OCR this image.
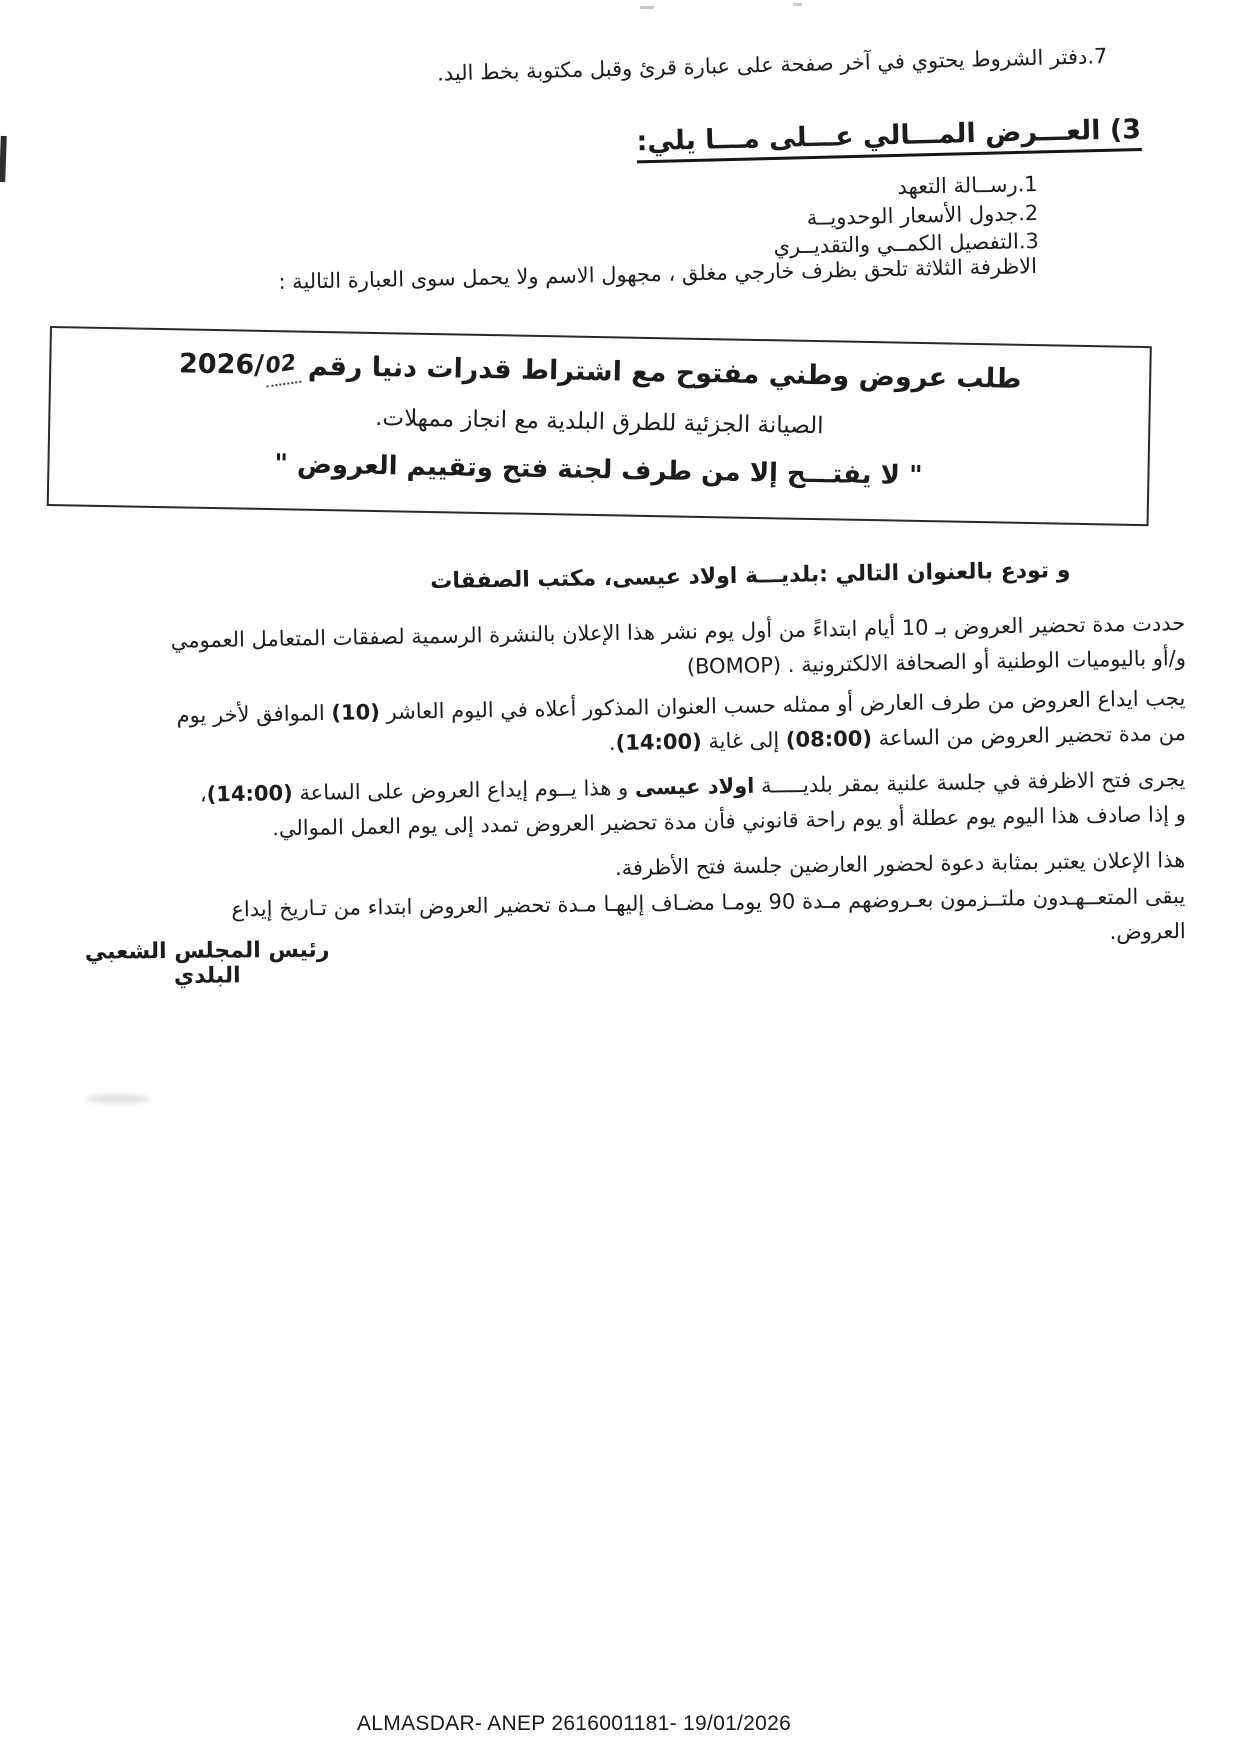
7.دفتر الشروط يحتوي في آخر صفحة على عبارة قرئ وقبل مكتوبة بخط اليد.
3) العـــرض المـــالي عـــلى مـــا يلي:
1.رســالة التعهد
2.جدول الأسعار الوحدويــة
3.التفصيل الكمــي والتقديــري
الاظرفة الثلاثة تلحق بظرف خارجي مغلق ، مجهول الاسم ولا يحمل سوى العبارة التالية :
طلب عروض وطني مفتوح مع اشتراط قدرات دنيا رقم 2026/02
الصيانة الجزئية للطرق البلدية مع انجاز ممهلات.
" لا يفتـــح إلا من طرف لجنة فتح وتقييم العروض "
و تودع بالعنوان التالي :بلديـــة اولاد عيسى، مكتب الصفقات
حددت مدة تحضير العروض بـ 10 أيام ابتداءً من أول يوم نشر هذا الإعلان بالنشرة الرسمية لصفقات المتعامل العمومي
و/أو باليوميات الوطنية أو الصحافة الالكترونية . (BOMOP)
يجب ايداع العروض من طرف العارض أو ممثله حسب العنوان المذكور أعلاه في اليوم العاشر (10) الموافق لأخر يوم
من مدة تحضير العروض من الساعة (08:00) إلى غاية (14:00).
يجرى فتح الاظرفة في جلسة علنية بمقر بلديـــــة اولاد عيسى و هذا يــوم إيداع العروض على الساعة (14:00)،
و إذا صادف هذا اليوم يوم عطلة أو يوم راحة قانوني فأن مدة تحضير العروض تمدد إلى يوم العمل الموالي.
هذا الإعلان يعتبر بمثابة دعوة لحضور العارضين جلسة فتح الأظرفة.
يبقى المتعــهـدون ملتــزمون بعـروضهم مـدة 90 يومـا مضـاف إليهـا مـدة تحضير العروض ابتداء من تـاريخ إيداع
العروض.
رئيس المجلس الشعبي البلدي
ALMASDAR- ANEP 2616001181- 19/01/2026
